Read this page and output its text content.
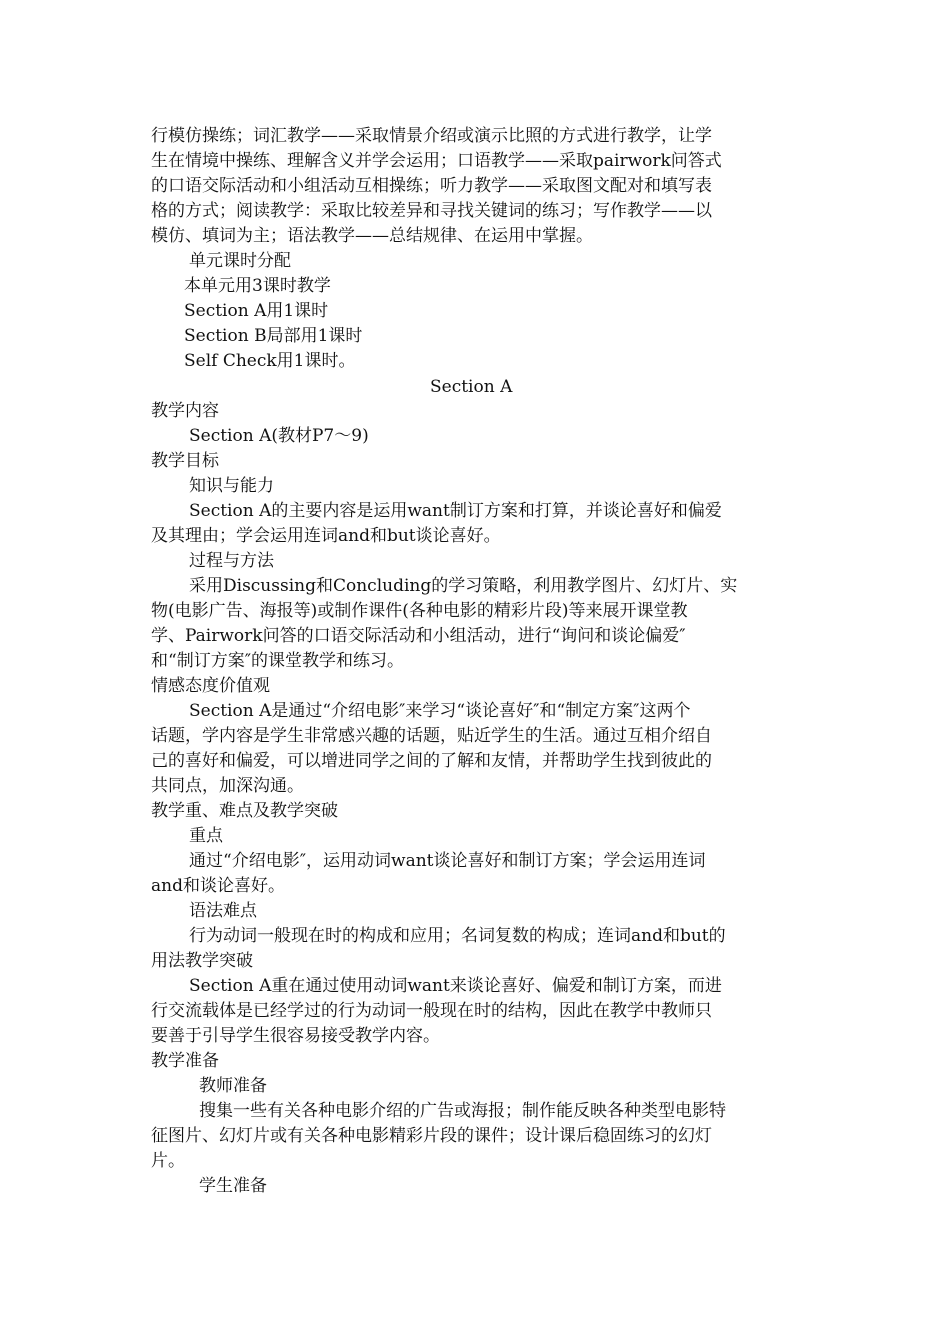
行模仿操练；词汇教学——采取情景介绍或演示比照的方式进行教学，让学
生在情境中操练、理解含义并学会运用；口语教学——采取pairwork问答式
的口语交际活动和小组活动互相操练；听力教学——采取图文配对和填写表
格的方式；阅读教学：采取比较差异和寻找关键词的练习；写作教学——以
模仿、填词为主；语法教学——总结规律、在运用中掌握。
单元课时分配
本单元用3课时教学
Section A用1课时
Section B局部用1课时
Self Check用1课时。
Section A
教学内容
Section A(教材P7～9)
教学目标
知识与能力
Section A的主要内容是运用want制订方案和打算，并谈论喜好和偏爱
及其理由；学会运用连词and和but谈论喜好。
过程与方法
采用Discussing和Concluding的学习策略，利用教学图片、幻灯片、实
物(电影广告、海报等)或制作课件(各种电影的精彩片段)等来展开课堂教
学、Pairwork问答的口语交际活动和小组活动，进行“询问和谈论偏爱″
和“制订方案″的课堂教学和练习。
情感态度价值观
Section A是通过“介绍电影″来学习“谈论喜好″和“制定方案″这两个
话题，学内容是学生非常感兴趣的话题，贴近学生的生活。通过互相介绍自
己的喜好和偏爱，可以增进同学之间的了解和友情，并帮助学生找到彼此的
共同点，加深沟通。
教学重、难点及教学突破
重点
通过“介绍电影″，运用动词want谈论喜好和制订方案；学会运用连词
and和谈论喜好。
语法难点
行为动词一般现在时的构成和应用；名词复数的构成；连词and和but的
用法教学突破
Section A重在通过使用动词want来谈论喜好、偏爱和制订方案，而进
行交流载体是已经学过的行为动词一般现在时的结构，因此在教学中教师只
要善于引导学生很容易接受教学内容。
教学准备
教师准备
搜集一些有关各种电影介绍的广告或海报；制作能反映各种类型电影特
征图片、幻灯片或有关各种电影精彩片段的课件；设计课后稳固练习的幻灯
片。
学生准备
